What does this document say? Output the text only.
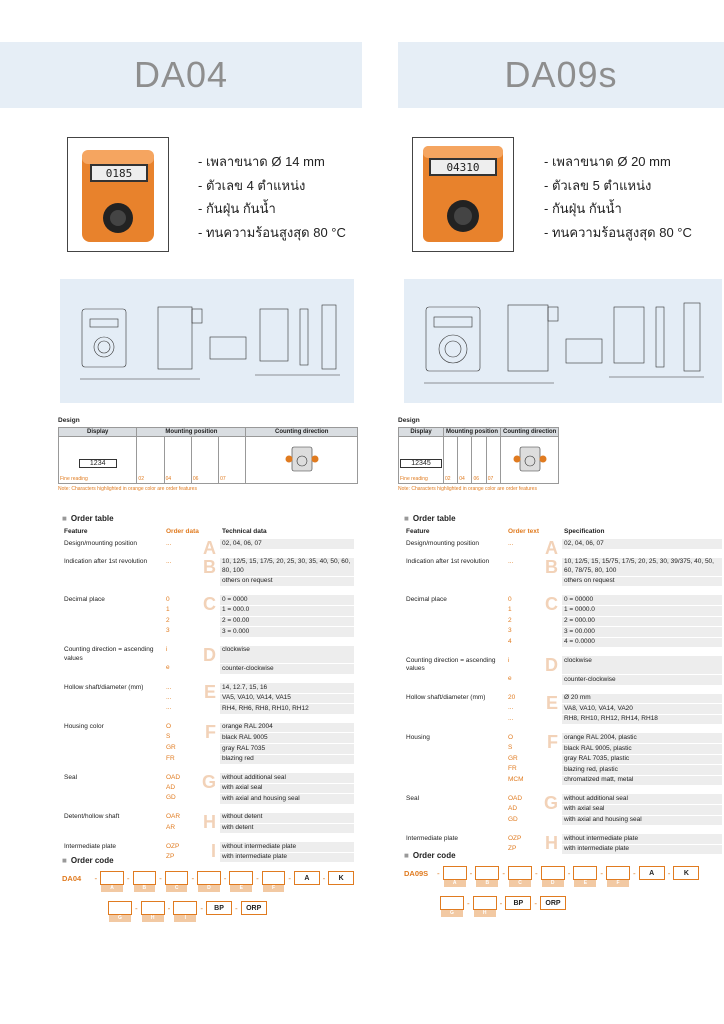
DA04
0185
- เพลาขนาด Ø 14 mm
- ตัวเลข 4 ตำแหน่ง
- กันฝุ่น กันน้ำ
- ทนความร้อนสูงสุด 80 °C
Design
Display	Mounting position				Counting direction

1234
Fine reading	02	04	06	07	
Note: Characters highlighted in orange color are order features
■ Order table
Feature	Order data	Technical data
Design/mounting position	... A	02, 04, 06, 07
Indication after 1st revolution	... B	10, 12/5, 15, 17/5, 20, 25, 30, 35, 40, 50, 60, 80, 100
		others on request
Decimal place	0 C	0 = 0000
	1	1 = 000.0
	2	2 = 00.00
	3	3 = 0.000
Counting direction = ascending values	i D	clockwise
	e	counter-clockwise
Hollow shaft/diameter (mm)	... E	14, 12.7, 15, 16
	...	VA5, VA10, VA14, VA15
	...	RH4, RH6, RH8, RH10, RH12
Housing color	O F	orange RAL 2004
	S	black RAL 9005
	GR	gray RAL 7035
	FR	blazing red
Seal	OAD G	without additional seal
	AD	with axial seal
	GD	with axial and housing seal
Detent/hollow shaft	OAR H	without detent
	AR	with detent
Intermediate plate	OZP I	without intermediate plate
	ZP	with intermediate plate
■ Order code
DA04	- A	- B	- C	- D	- E	- F	-	A	-	K
G
- H	- I	-	BP	-	ORP
DA09s
04310	- เพลาขนาด Ø 20 mm
- ตัวเลข 5 ตำแหน่ง
- กันฝุ่น กันน้ำ
- ทนความร้อนสูงสุด 80 °C
■ Order table
Feature	Order text	Specification
Design/mounting position	... A	02, 04, 06, 07
Indication after 1st revolution	... B	10, 12/5, 15, 15/75, 17/5, 20, 25, 30, 39/375, 40, 50, 60, 78/75, 80, 100
		others on request
Decimal place	0 C	0 = 00000
	1	1 = 0000.0
	2	2 = 000.00
	3	3 = 00.000
	4	4 = 0.0000
Counting direction = ascending values	i D	clockwise
	e	counter-clockwise
Hollow shaft/diameter (mm)	20 E	Ø 20 mm
	...	VA8, VA10, VA14, VA20
	...	RH8, RH10, RH12, RH14, RH18
Housing	O F	orange RAL 2004, plastic
	S	black RAL 9005, plastic
	GR	gray RAL 7035, plastic
	FR	blazing red, plastic
	MCM	chromatized matt, metal
Seal	OAD G	without additional seal
	AD	with axial seal
	GD	with axial and housing seal
Intermediate plate	OZP H	without intermediate plate
	ZP	with intermediate plate
■ Order code
DA09S	- A	- B	- C	- D	- E	- F	-	A	-	K
G
- H	-	BP	-	ORP
Design
Display	Mounting position				Counting direction

12345
Fine reading	02	04	06	07	
Note: Characters highlighted in orange color are order features
